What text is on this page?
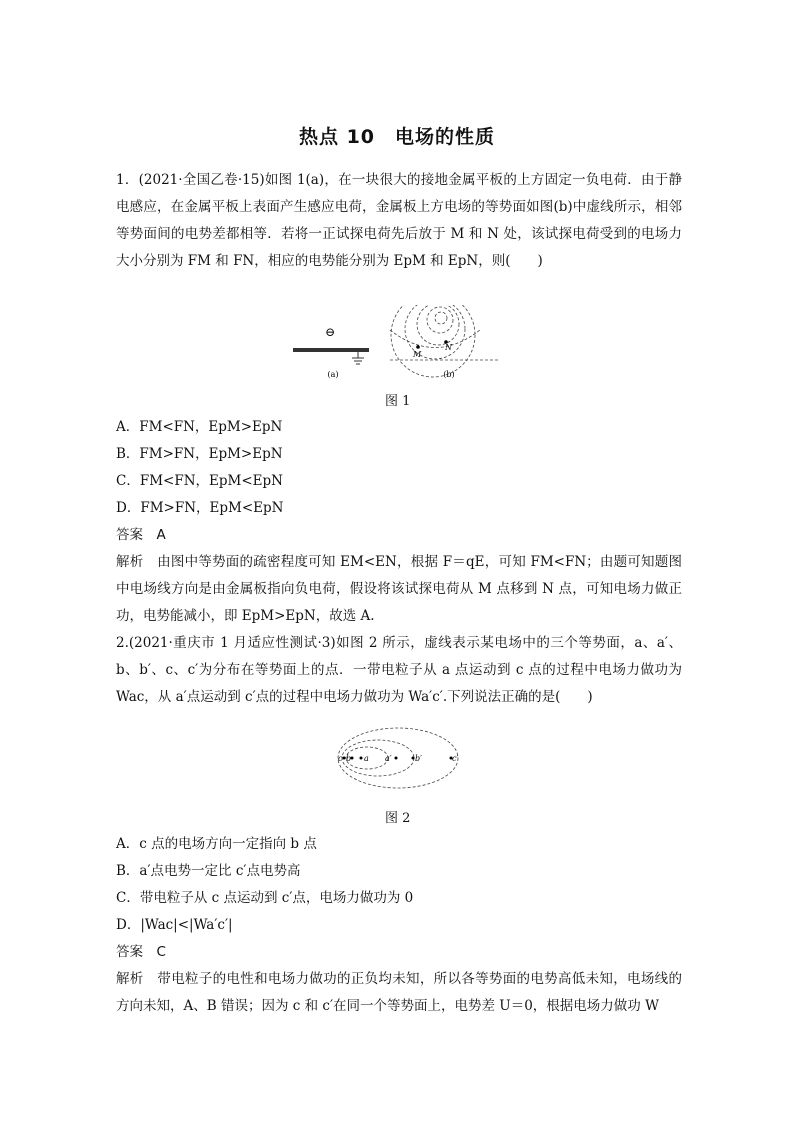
热点 10　电场的性质
1．(2021·全国乙卷·15)如图 1(a)，在一块很大的接地金属平板的上方固定一负电荷．由于静电感应，在金属平板上表面产生感应电荷，金属板上方电场的等势面如图(b)中虚线所示，相邻等势面间的电势差都相等．若将一正试探电荷先后放于 M 和 N 处，该试探电荷受到的电场力大小分别为 FM 和 FN，相应的电势能分别为 EpM 和 EpN，则(　　)
⊖
(a)
M
N
(b)
图 1
A．FM<FN，EpM>EpN
B．FM>FN，EpM>EpN
C．FM<FN，EpM<EpN
D．FM>FN，EpM<EpN
答案　A
解析　由图中等势面的疏密程度可知 EM<EN，根据 F＝qE，可知 FM<FN；由题可知题图中电场线方向是由金属板指向负电荷，假设将该试探电荷从 M 点移到 N 点，可知电场力做正功，电势能减小，即 EpM>EpN，故选 A.
2.(2021·重庆市 1 月适应性测试·3)如图 2 所示，虚线表示某电场中的三个等势面，a、a′、b、b′、c、c′为分布在等势面上的点．一带电粒子从 a 点运动到 c 点的过程中电场力做功为 Wac，从 a′点运动到 c′点的过程中电场力做功为 Wa′c′.下列说法正确的是(　　)
c b a a′	b′	c′
图 2
A．c 点的电场方向一定指向 b 点
B．a′点电势一定比 c′点电势高
C．带电粒子从 c 点运动到 c′点，电场力做功为 0
D．|Wac|<|Wa′c′|
答案　C
解析　带电粒子的电性和电场力做功的正负均未知，所以各等势面的电势高低未知，电场线的方向未知，A、B 错误；因为 c 和 c′在同一个等势面上，电势差 U＝0，根据电场力做功 W
